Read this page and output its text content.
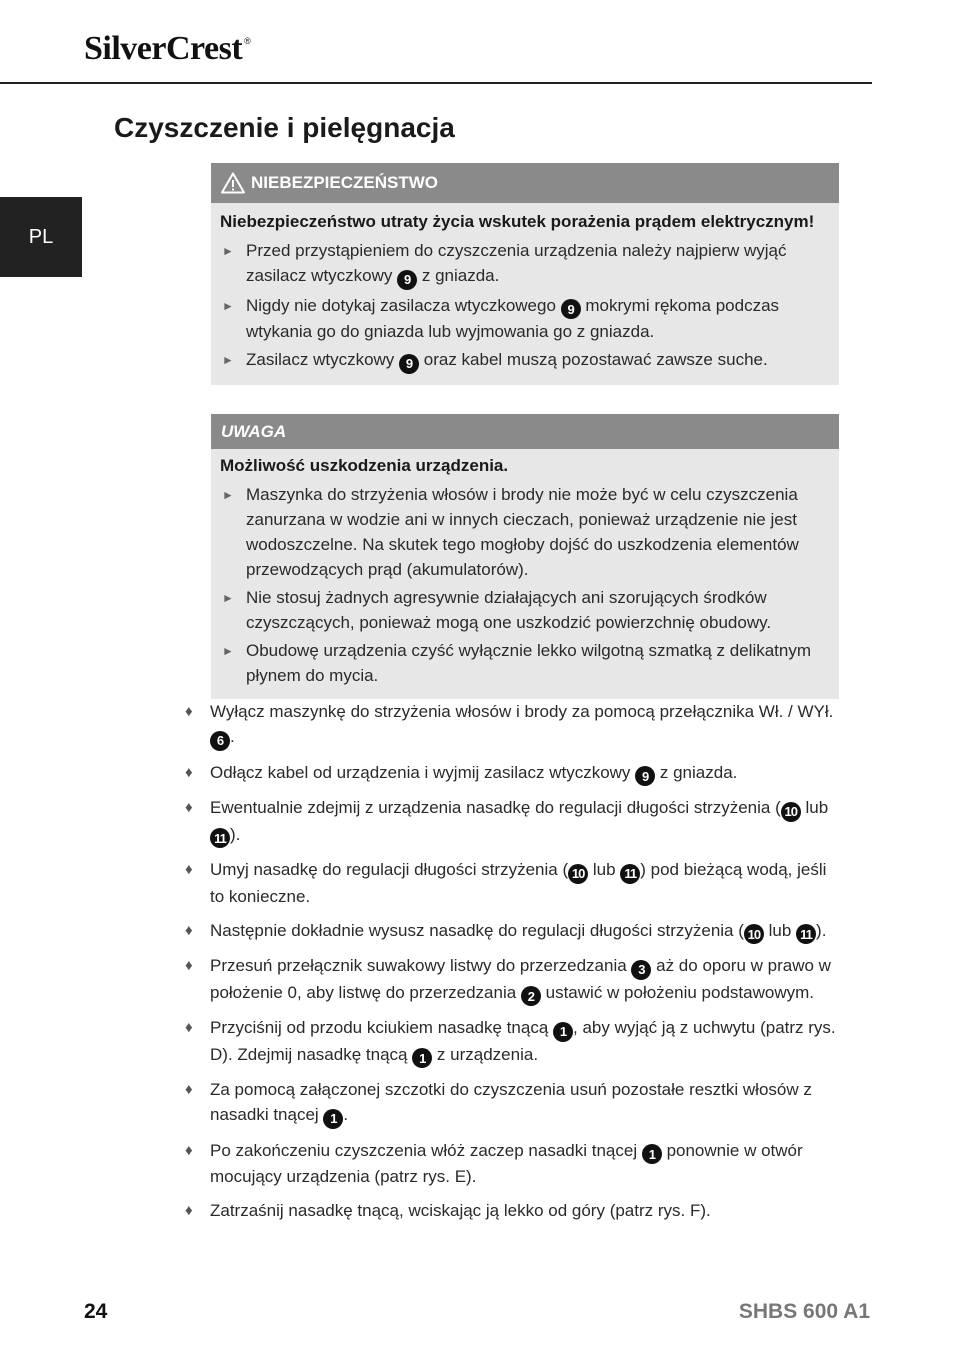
SilverCrest ®
Czyszczenie i pielęgnacja
PL
NIEBEZPIECZEŃSTWO

Niebezpieczeństwo utraty życia wskutek porażenia prądem elektrycznym!

► Przed przystąpieniem do czyszczenia urządzenia należy najpierw wyjąć zasilacz wtyczkowy 9 z gniazda.
► Nigdy nie dotykaj zasilacza wtyczkowego 9 mokrymi rękoma podczas wtykania go do gniazda lub wyjmowania go z gniazda.
► Zasilacz wtyczkowy 9 oraz kabel muszą pozostawać zawsze suche.
UWAGA

Możliwość uszkodzenia urządzenia.

► Maszynka do strzyżenia włosów i brody nie może być w celu czyszczenia zanurzana w wodzie ani w innych cieczach, ponieważ urządzenie nie jest wodoszczelne. Na skutek tego mogłoby dojść do uszkodzenia elementów przewodzących prąd (akumulatorów).
► Nie stosuj żadnych agresywnie działających ani szorujących środków czyszczących, ponieważ mogą one uszkodzić powierzchnię obudowy.
► Obudowę urządzenia czyść wyłącznie lekko wilgotną szmatką z delikatnym płynem do mycia.
♦ Wyłącz maszynkę do strzyżenia włosów i brody za pomocą przełącznika Wł. / WYł. 6 .
♦ Odłącz kabel od urządzenia i wyjmij zasilacz wtyczkowy 9 z gniazda.
♦ Ewentualnie zdejmij z urządzenia nasadkę do regulacji długości strzyżenia ( 10 lub 11 ).
♦ Umyj nasadkę do regulacji długości strzyżenia ( 10 lub 11 ) pod bieżącą wodą, jeśli to konieczne.
♦ Następnie dokładnie wysusz nasadkę do regulacji długości strzyżenia ( 10 lub 11 ).
♦ Przesuń przełącznik suwakowy listwy do przerzedzania 3 aż do oporu w prawo w położenie 0, aby listwę do przerzedzania 2 ustawić w położeniu podstawowym.
♦ Przyciśnij od przodu kciukiem nasadkę tnącą 1 , aby wyjąć ją z uchwytu (patrz rys. D). Zdejmij nasadkę tnącą 1 z urządzenia.
♦ Za pomocą załączonej szczotki do czyszczenia usuń pozostałe resztki włosów z nasadki tnącej 1 .
♦ Po zakończeniu czyszczenia włóż zaczep nasadki tnącej 1 ponownie w otwór mocujący urządzenia (patrz rys. E).
♦ Zatrzaśnij nasadkę tnącą, wciskając ją lekko od góry (patrz rys. F).
24	SHBS 600 A1
